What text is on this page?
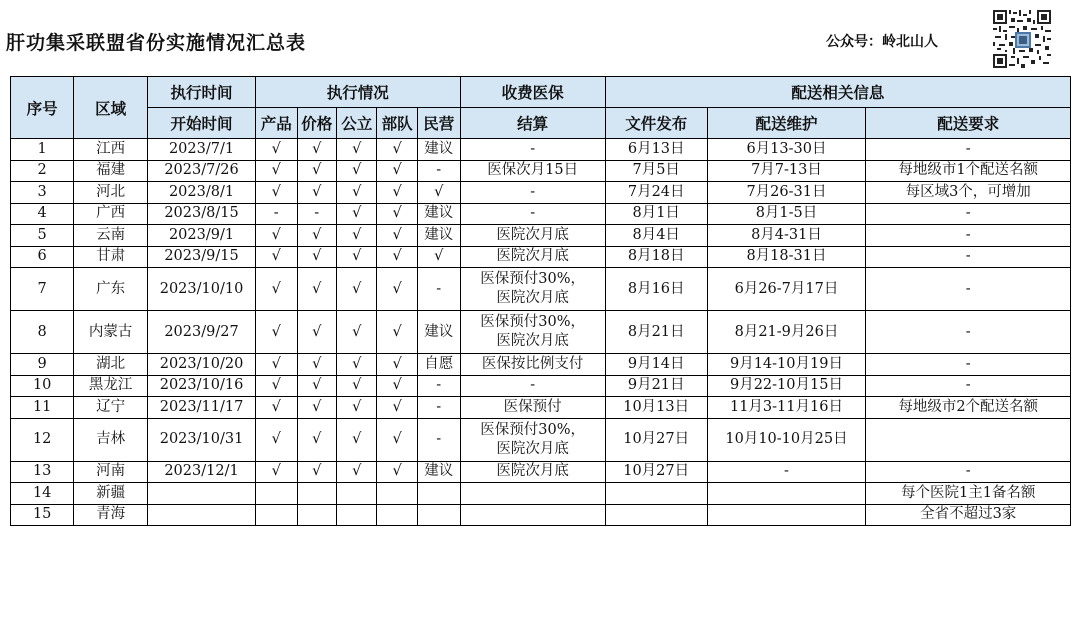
肝功集采联盟省份实施情况汇总表	公众号：岭北山人
序号	区域	执行时间	执行情况					收费医保	配送相关信息		
		开始时间	产品	价格	公立	部队	民营	结算	文件发布	配送维护	配送要求
1	江西	2023/7/1	√	√	√	√	建议	-	6月13日	6月13-30日	-
2	福建	2023/7/26	√	√	√	√	-	医保次月15日	7月5日	7月7-13日	每地级市1个配送名额
3	河北	2023/8/1	√	√	√	√	√	-	7月24日	7月26-31日	每区域3个，可增加
4	广西	2023/8/15	-	-	√	√	建议	-	8月1日	8月1-5日	-
5	云南	2023/9/1	√	√	√	√	建议	医院次月底	8月4日	8月4-31日	-
6	甘肃	2023/9/15	√	√	√	√	√	医院次月底	8月18日	8月18-31日	-
7	广东	2023/10/10	√	√	√	√	-	医保预付30%，
医院次月底	8月16日	6月26-7月17日	-
8	内蒙古	2023/9/27	√	√	√	√	建议	医保预付30%，
医院次月底	8月21日	8月21-9月26日	-
9	湖北	2023/10/20	√	√	√	√	自愿	医保按比例支付	9月14日	9月14-10月19日	-
10	黑龙江	2023/10/16	√	√	√	√	-	-	9月21日	9月22-10月15日	-
11	辽宁	2023/11/17	√	√	√	√	-	医保预付	10月13日	11月3-11月16日	每地级市2个配送名额
12	吉林	2023/10/31	√	√	√	√	-	医保预付30%，
医院次月底	10月27日	10月10-10月25日	
13	河南	2023/12/1	√	√	√	√	建议	医院次月底	10月27日	-	-
14	新疆										每个医院1主1备名额
15	青海										全省不超过3家
